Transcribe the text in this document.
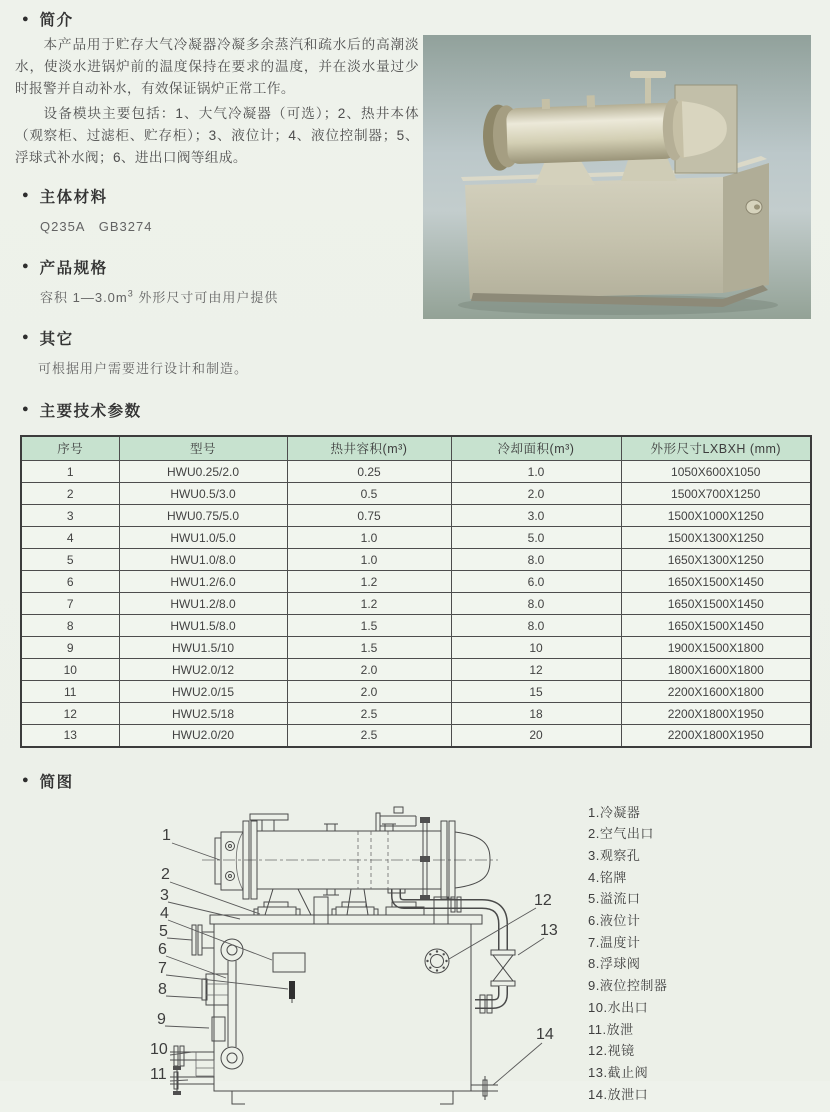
● 简介

本产品用于贮存大气冷凝器冷凝多余蒸汽和疏水后的高潮淡水，使淡水进锅炉前的温度保持在要求的温度，并在淡水量过少时报警并自动补水，有效保证锅炉正常工作。

设备模块主要包括：1、大气冷凝器（可选）；2、热井本体（观察柜、过滤柜、贮存柜）；3、液位计；4、液位控制器；5、浮球式补水阀；6、进出口阀等组成。

● 主体材料
Q235A　GB3274
● 产品规格
容积 $1—3.0m^3$ 外形尺寸可由用户提供
● 其它
可根据用户需要进行设计和制造。
● 主要技术参数
序号	型号	热井容积(m³)	冷却面积(m³)	外形尺寸LXBXH (mm)
1	HWU0.25/2.0	0.25	1.0	1050X600X1050
2	HWU0.5/3.0	0.5	2.0	1500X700X1250
3	HWU0.75/5.0	0.75	3.0	1500X1000X1250
4	HWU1.0/5.0	1.0	5.0	1500X1300X1250
5	HWU1.0/8.0	1.0	8.0	1650X1300X1250
6	HWU1.2/6.0	1.2	6.0	1650X1500X1450
7	HWU1.2/8.0	1.2	8.0	1650X1500X1450
8	HWU1.5/8.0	1.5	8.0	1650X1500X1450
9	HWU1.5/10	1.5	10	1900X1500X1800
10	HWU2.0/12	2.0	12	1800X1600X1800
11	HWU2.0/15	2.0	15	2200X1600X1800
12	HWU2.5/18	2.5	18	2200X1800X1950
13	HWU2.0/20	2.5	20	2200X1800X1950
● 简图
1
2
3
4
5
6
7
8
9
10
11
12
13
14
1.冷凝器
2.空气出口
3.观察孔
4.铭牌
5.溢流口
6.液位计
7.温度计
8.浮球阀
9.液位控制器
10.水出口
11.放泄
12.视镜
13.截止阀
14.放泄口
